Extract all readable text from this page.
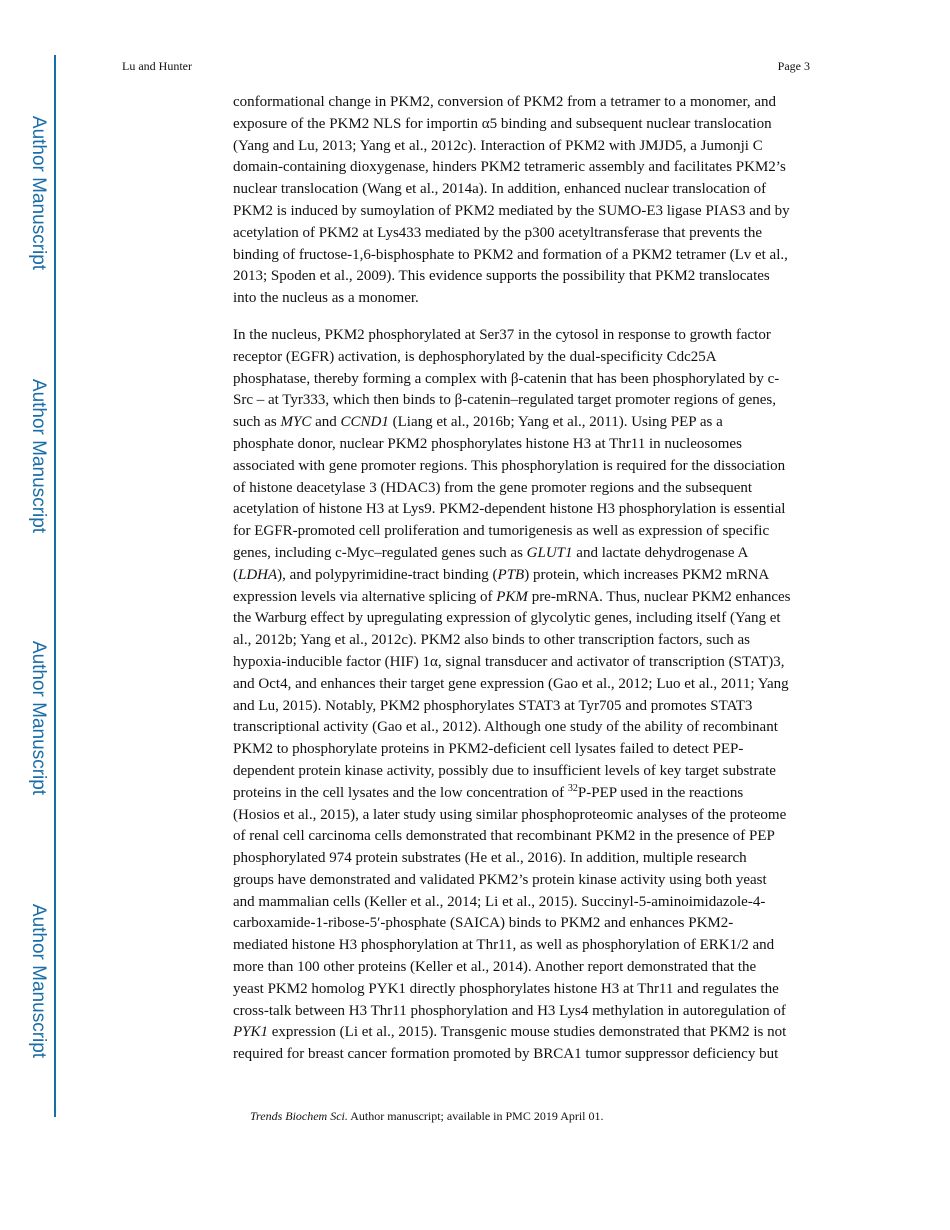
Author Manuscript
Author Manuscript
Author Manuscript
Author Manuscript
Lu and Hunter	Page 3

conformational change in PKM2, conversion of PKM2 from a tetramer to a monomer, and
exposure of the PKM2 NLS for importin α5 binding and subsequent nuclear translocation
(Yang and Lu, 2013; Yang et al., 2012c). Interaction of PKM2 with JMJD5, a Jumonji C
domain-containing dioxygenase, hinders PKM2 tetrameric assembly and facilitates PKM2’s
nuclear translocation (Wang et al., 2014a). In addition, enhanced nuclear translocation of
PKM2 is induced by sumoylation of PKM2 mediated by the SUMO-E3 ligase PIAS3 and by
acetylation of PKM2 at Lys433 mediated by the p300 acetyltransferase that prevents the
binding of fructose-1,6-bisphosphate to PKM2 and formation of a PKM2 tetramer (Lv et al.,
2013; Spoden et al., 2009). This evidence supports the possibility that PKM2 translocates
into the nucleus as a monomer.

In the nucleus, PKM2 phosphorylated at Ser37 in the cytosol in response to growth factor
receptor (EGFR) activation, is dephosphorylated by the dual-specificity Cdc25A
phosphatase, thereby forming a complex with β-catenin that has been phosphorylated by c-
Src – at Tyr333, which then binds to β-catenin–regulated target promoter regions of genes,
such as MYC and CCND1 (Liang et al., 2016b; Yang et al., 2011). Using PEP as a
phosphate donor, nuclear PKM2 phosphorylates histone H3 at Thr11 in nucleosomes
associated with gene promoter regions. This phosphorylation is required for the dissociation
of histone deacetylase 3 (HDAC3) from the gene promoter regions and the subsequent
acetylation of histone H3 at Lys9. PKM2-dependent histone H3 phosphorylation is essential
for EGFR-promoted cell proliferation and tumorigenesis as well as expression of specific
genes, including c-Myc–regulated genes such as GLUT1 and lactate dehydrogenase A
(LDHA), and polypyrimidine-tract binding (PTB) protein, which increases PKM2 mRNA
expression levels via alternative splicing of PKM pre-mRNA. Thus, nuclear PKM2 enhances
the Warburg effect by upregulating expression of glycolytic genes, including itself (Yang et
al., 2012b; Yang et al., 2012c). PKM2 also binds to other transcription factors, such as
hypoxia-inducible factor (HIF) 1α, signal transducer and activator of transcription (STAT)3,
and Oct4, and enhances their target gene expression (Gao et al., 2012; Luo et al., 2011; Yang
and Lu, 2015). Notably, PKM2 phosphorylates STAT3 at Tyr705 and promotes STAT3
transcriptional activity (Gao et al., 2012). Although one study of the ability of recombinant
PKM2 to phosphorylate proteins in PKM2-deficient cell lysates failed to detect PEP-
dependent protein kinase activity, possibly due to insufficient levels of key target substrate
proteins in the cell lysates and the low concentration of $^{32}$P-PEP used in the reactions
(Hosios et al., 2015), a later study using similar phosphoproteomic analyses of the proteome
of renal cell carcinoma cells demonstrated that recombinant PKM2 in the presence of PEP
phosphorylated 974 protein substrates (He et al., 2016). In addition, multiple research
groups have demonstrated and validated PKM2’s protein kinase activity using both yeast
and mammalian cells (Keller et al., 2014; Li et al., 2015). Succinyl-5-aminoimidazole-4-
carboxamide-1-ribose-5′-phosphate (SAICA) binds to PKM2 and enhances PKM2-
mediated histone H3 phosphorylation at Thr11, as well as phosphorylation of ERK1/2 and
more than 100 other proteins (Keller et al., 2014). Another report demonstrated that the
yeast PKM2 homolog PYK1 directly phosphorylates histone H3 at Thr11 and regulates the
cross-talk between H3 Thr11 phosphorylation and H3 Lys4 methylation in autoregulation of
PYK1 expression (Li et al., 2015). Transgenic mouse studies demonstrated that PKM2 is not
required for breast cancer formation promoted by BRCA1 tumor suppressor deficiency but

Trends Biochem Sci. Author manuscript; available in PMC 2019 April 01.
